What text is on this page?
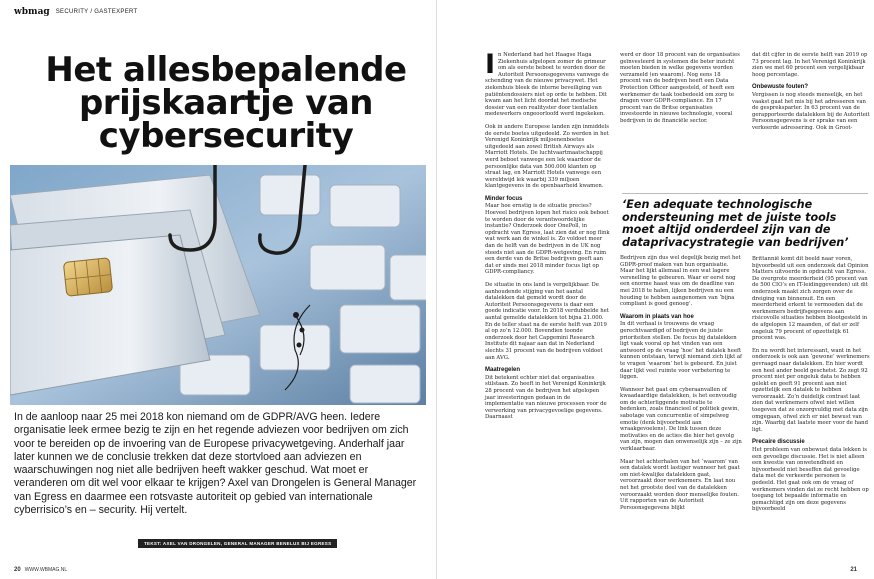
wbmag SECURITY / GASTEXPERT
Het allesbepalende prijskaartje van cybersecurity

In de aanloop naar 25 mei 2018 kon niemand om de GDPR/AVG heen. Iedere organisatie leek ermee bezig te zijn en het regende adviezen voor bedrijven om zich voor te bereiden op de invoering van de Europese privacywetgeving. Anderhalf jaar later kunnen we de conclusie trekken dat deze stortvloed aan adviezen en waarschuwingen nog niet alle bedrijven heeft wakker geschud. Wat moet er veranderen om dit wel voor elkaar te krijgen? Axel van Drongelen is General Manager van Egress en daarmee een rotsvaste autoriteit op gebied van internationale cyberrisico’s en – security. Hij vertelt.

TEKST: AXEL VAN DRONGELEN, GENERAL MANAGER BENELUX BIJ EGRESS
20 WWW.WBMAG.NL

In Nederland had het Haagse Haga Ziekenhuis afgelopen zomer de primeur om als eerste beboet te worden door de Autoriteit Persoonsgegevens vanwege de schending van de nieuwe privacywet. Het ziekenhuis bleek de interne beveiliging van patiëntendossiers niet op orde te hebben. Dit kwam aan het licht doordat het medische dossier van een realityster door tientallen medewerkers ongeoorloofd werd ingekeken.

Ook in andere Europese landen zijn inmiddels de eerste boetes uitgedeeld. Zo werden in het Verenigd Koninkrijk miljoenenboetes uitgedeeld aan zowel British Airways als Marriott Hotels. De luchtvaartmaatschappij werd beboet vanwege een lek waardoor de persoonlijke data van 500.000 klanten op straat lag, en Marriott Hotels vanwege een wereldwijd lek waarbij 339 miljoen klantgegevens in de openbaarheid kwamen.

Minder focus

Maar hoe ernstig is de situatie precies? Hoeveel bedrijven lopen het risico ook beboet te worden door de verantwoordelijke instantie? Onderzoek door OnePoll, in opdracht van Egress, laat zien dat er nog flink wat werk aan de winkel is. Zo voldoet meer dan de helft van de bedrijven in de UK nog steeds niet aan de GDPR-wetgeving. En ruim een derde van de Britse bedrijven geeft aan dat er sinds mei 2018 minder focus ligt op GDPR-compliancy.

De situatie in ons land is vergelijkbaar. De aanhoudende stijging van het aantal datalekken dat gemeld wordt door de Autoriteit Persoonsgegevens is daar een goede indicatie voor. In 2018 verdubbelde het aantal gemelde datalekken tot bijna 21.000. En de teller staat na de eerste helft van 2019 al op zo’n 12.000. Bovendien toonde onderzoek door het Capgemini Research Institute dit najaar aan dat in Nederland slechts 31 procent van de bedrijven voldoet aan AVG.

Maatregelen

Dit betekent echter niet dat organisaties stilstaan. Zo heeft in het Verenigd Koninkrijk 28 procent van de bedrijven het afgelopen jaar investeringen gedaan in de implementatie van nieuwe processen voor de verwerking van privacygevoelige gegevens. Daarnaast

werd er door 18 procent van de organisaties geïnvesteerd in systemen die beter inzicht moeten bieden in welke gegevens worden verzameld (en waarom). Nog eens 18 procent van de bedrijven heeft een Data Protection Officer aangesteld, of heeft een werknemer de taak toebedeeld om zorg te dragen voor GDPR-compliance. En 17 procent van de Britse organisaties investeerde in nieuwe technologie, vooral bedrijven in de financiële sector.

‘Een adequate technologische ondersteuning met de juiste tools moet altijd onderdeel zijn van de dataprivacystrategie van bedrijven’

Bedrijven zijn dus wel degelijk bezig met het GDPR-proof maken van hun organisatie. Maar het lijkt allemaal in een wat lagere versnelling te gebeuren. Waar er eerst nog een enorme haast was om de deadline van mei 2018 te halen, lijken bedrijven nu een houding te hebben aangenomen van ‘bijna compliant is goed genoeg’.

Waarom in plaats van hoe

In dit verhaal is trouwens de vraag gerechtvaardigd of bedrijven de juiste prioriteiten stellen. De focus bij datalekken ligt vaak vooral op het vinden van een antwoord op de vraag ‘hoe’ het datalek heeft kunnen ontstaan, terwijl niemand zich lijkt af te vragen ‘waarom’ het is gebeurd. En juist daar lijkt veel ruimte voor verbetering te liggen.

Wanneer het gaat om cyberaanvallen of kwaadaardige datalekken, is het eenvoudig om de achterliggende motivatie te bedenken, zoals financieel of politiek gewin, sabotage van concurrentie of simpelweg emotie (denk bijvoorbeeld aan wraakgevoelens). De link tussen deze motivaties en de acties die hier het gevolg van zijn, mogen dan onwenselijk zijn – ze zijn verklaarbaar.

Maar het achterhalen van het ‘waarom’ van een datalek wordt lastiger wanneer het gaat om niet-kwalijke datalekken gaat, veroorzaakt door werknemers. En laat nou net het grootste deel van de datalekken veroorzaakt worden door menselijke fouten. Uit rapporten van de Autoriteit Persoonsgegevens blijkt

dat dit cijfer in de eerste helft van 2019 op 73 procent lag. In het Verenigd Koninkrijk zien we met 60 procent een vergelijkbaar hoog percentage.

Onbewuste fouten?

Vergissen is nog steeds menselijk, en het vaakst gaat het mis bij het adresseren van de gespreksparter. In 63 procent van de gerapporteerde datalekken bij de Autoriteit Persoonsgegevens is er sprake van een verkeerde adressering. Ook in Groot-

Brittannië komt dit beeld naar voren, bijvoorbeeld uit een onderzoek dat Opinion Matters uitvoerde in opdracht van Egress. De overgrote meerderheid (95 procent van de 500 CIO’s en IT-leidinggevenden) uit dit onderzoek maakt zich zorgen over de dreiging van binnenuit. En een meerderheid erkent te vermoeden dat de werknemers bedrijfsgegevens aan risicovolle situaties hebben blootgesteld in de afgelopen 12 maanden, of dat er zelf ongeluk 79 procent of opzettelijk 61 procent was.

En nu wordt het interessant, want in het onderzoek is ook aan ‘gewone’ werknemers gevraagd naar datalekken. En hier wordt een heel ander beeld geschetst. Zo zegt 92 procent niet per ongeluk data te hebben gelekt en geeft 91 procent aan niet opzettelijk een datalek te hebben veroorzaakt. Zo’n duidelijk contrast laat zien dat werknemers ofwel niet willen toegeven dat ze onzorgvuldig met data zijn omgegaan, ofwel zich er niet bewust van zijn. Waarbij dat laatste meer voor de hand ligt.

Precaire discussie

Het probleem van onbewust data lekken is een gevoelige discussie. Het is niet alleen een kwestie van onwetendheid en bijvoorbeeld niet beseffen dat gevoelige data met de verkeerde personen is gedeeld. Het gaat ook om de vraag of werknemers vinden dat ze recht hebben op toegang tot bepaalde informatie en gemachtigd zijn om deze gegevens bijvoorbeeld

21
